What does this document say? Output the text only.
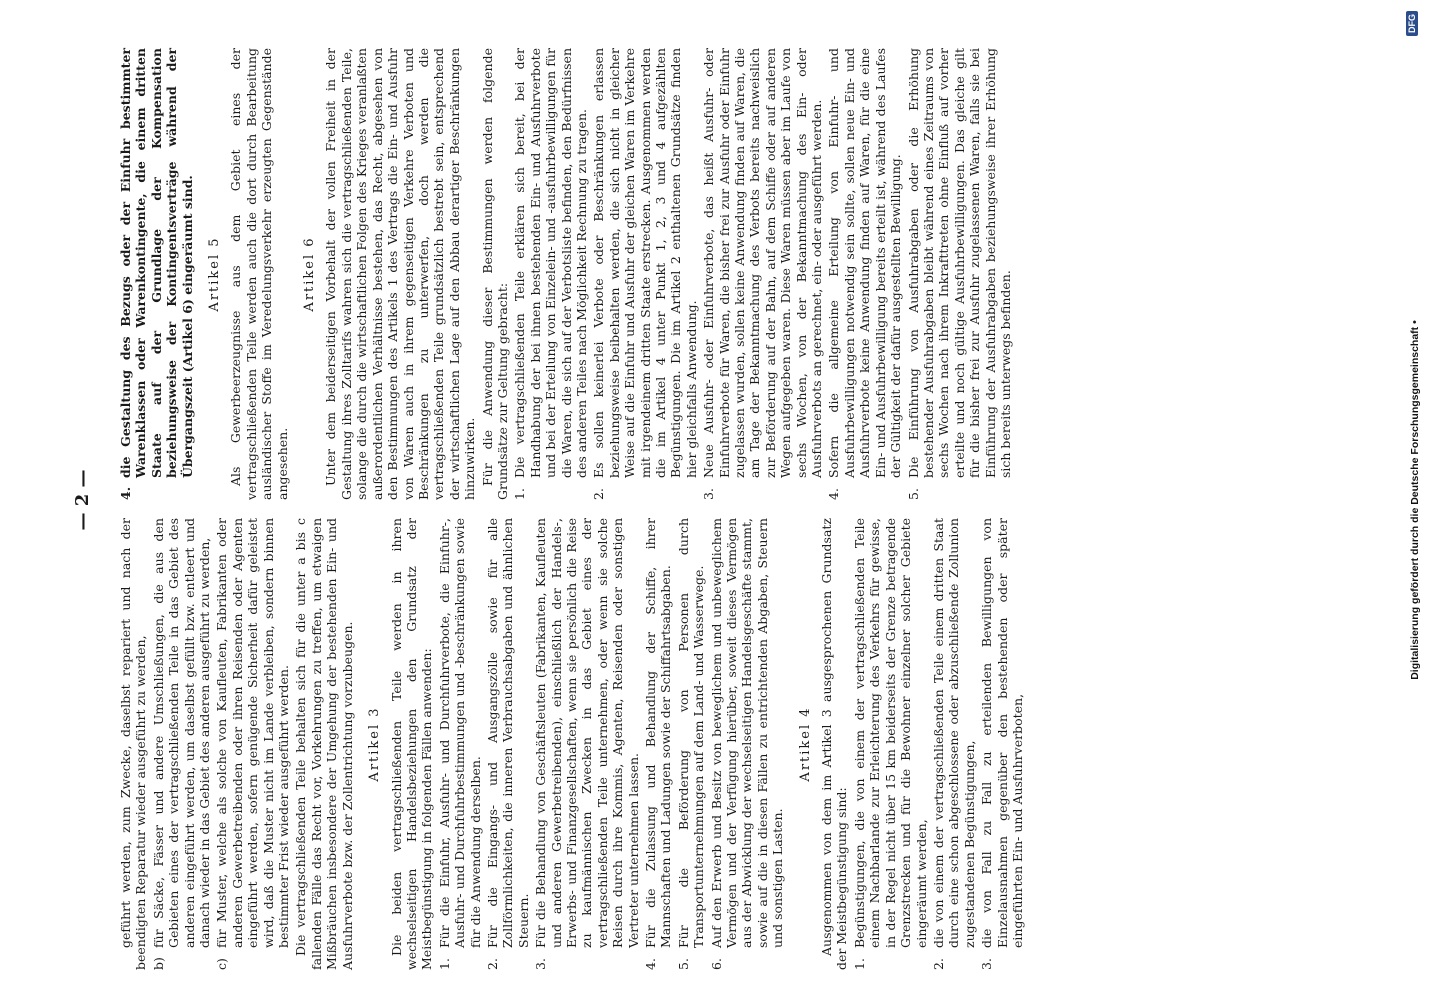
— 2 —

geführt werden, zum Zwecke, daselbst repariert und nach der beendigten Reparatur wieder ausgeführt zu werden, b)
für Säcke, Fässer und andere Umschließungen, die aus den Gebieten eines der vertragschließenden Teile in das Gebiet des anderen eingeführt werden, um daselbst gefüllt bzw. entleert und danach wieder in das Gebiet des anderen ausgeführt zu werden,
c)
für Muster, welche als solche von Kaufleuten, Fabrikanten oder anderen Gewerbetreibenden oder ihren Reisenden oder Agenten eingeführt werden, sofern genügende Sicherheit dafür geleistet wird, daß die Muster nicht im Lande verbleiben, sondern binnen bestimmter Frist wieder ausgeführt werden. Die vertragschließenden Teile behalten sich für die unter a bis c fallenden Fälle das Recht vor, Vorkehrungen zu treffen, um etwaigen Mißbräuchen insbesondere der Umgehung der bestehenden Ein- und Ausfuhrverbote bzw. der Zollentrichtung vorzubeugen. Artikel 3 Die beiden vertragschließenden Teile werden in ihren wechselseitigen Handelsbeziehungen den Grundsatz der Meistbegünstigung in folgenden Fällen anwenden: 1.
Für die Einfuhr, Ausfuhr- und Durchfuhrverbote, die Einfuhr-, Ausfuhr- und Durchfuhrbestimmungen und -beschränkungen sowie für die Anwendung derselben.
2.
Für die Eingangs- und Ausgangszölle sowie für alle Zollförmlichkeiten, die inneren Verbrauchsabgaben und ähnlichen Steuern.
3.
Für die Behandlung von Geschäftsleuten (Fabrikanten, Kaufleuten und anderen Gewerbetreibenden), einschließlich der Handels-, Erwerbs- und Finanzgesellschaften, wenn sie persönlich die Reise zu kaufmännischen Zwecken in das Gebiet eines der vertragschließenden Teile unternehmen, oder wenn sie solche Reisen durch ihre Kommis, Agenten, Reisenden oder sonstigen Vertreter unternehmen lassen.
4.
Für die Zulassung und Behandlung der Schiffe, ihrer Mannschaften und Ladungen sowie der Schiffahrtsabgaben.
5.
Für die Beförderung von Personen durch Transportunternehmungen auf dem Land- und Wasserwege.
6.
Auf den Erwerb und Besitz von beweglichem und unbeweglichem Vermögen und der Verfügung hierüber, soweit dieses Vermögen aus der Abwicklung der wechselseitigen Handelsgeschäfte stammt, sowie auf die in diesen Fällen zu entrichtenden Abgaben, Steuern und sonstigen Lasten.
Artikel 4 Ausgenommen von dem im Artikel 3 ausgesprochenen Grundsatz der Meistbegünstigung sind: 1.
Begünstigungen, die von einem der vertragschließenden Teile einem Nachbarlande zur Erleichterung des Verkehrs für gewisse, in der Regel nicht über 15 km beiderseits der Grenze betragende Grenzstrecken und für die Bewohner einzelner solcher Gebiete eingeräumt werden,
2.
die von einem der vertragschließenden Teile einem dritten Staat durch eine schon abgeschlossene oder abzuschließende Zollunion zugestandenen Begünstigungen,
3.
die von Fall zu Fall zu erteilenden Bewilligungen von Einzelausnahmen gegenüber den bestehenden oder später eingeführten Ein- und Ausfuhrverboten,
4.
die Gestaltung des Bezugs oder der Einfuhr bestimmter Warenklassen oder Warenkontingente, die einem dritten Staate auf der Grundlage der Kompensation beziehungsweise der Kontingentsverträge während der Übergangszeit (Artikel 6) eingeräumt sind. Artikel 5 Als Gewerbeerzeugnisse aus dem Gebiet eines der vertragschließenden Teile werden auch die dort durch Bearbeitung ausländischer Stoffe im Veredelungsverkehr erzeugten Gegenstände angesehen.

Artikel 6 Unter dem beiderseitigen Vorbehalt der vollen Freiheit in der Gestaltung ihres Zolltarifs wahren sich die vertragschließenden Teile, solange die durch die wirtschaftlichen Folgen des Krieges veranlaßten außerordentlichen Verhältnisse bestehen, das Recht, abgesehen von den Bestimmungen des Artikels 1 des Vertrags die Ein- und Ausfuhr von Waren auch in ihrem gegenseitigen Verkehre Verboten und Beschränkungen zu unterwerfen, doch werden die vertragschließenden Teile grundsätzlich bestrebt sein, entsprechend der wirtschaftlichen Lage auf den Abbau derartiger Beschränkungen hinzuwirken. Für die Anwendung dieser Bestimmungen werden folgende Grundsätze zur Geltung gebracht: 1.
Die vertragschließenden Teile erklären sich bereit, bei der Handhabung der bei ihnen bestehenden Ein- und Ausfuhrverbote und bei der Erteilung von Einzelein- und -ausfuhrbewilligungen für die Waren, die sich auf der Verbotsliste befinden, den Bedürfnissen des anderen Teiles nach Möglichkeit Rechnung zu tragen.
2.
Es sollen keinerlei Verbote oder Beschränkungen erlassen beziehungsweise beibehalten werden, die sich nicht in gleicher Weise auf die Einfuhr und Ausfuhr der gleichen Waren im Verkehre mit irgendeinem dritten Staate erstrecken. Ausgenommen werden die im Artikel 4 unter Punkt 1, 2, 3 und 4 aufgezählten Begünstigungen. Die im Artikel 2 enthaltenen Grundsätze finden hier gleichfalls Anwendung.
3.
Neue Ausfuhr- oder Einfuhrverbote, das heißt Ausfuhr- oder Einfuhrverbote für Waren, die bisher frei zur Ausfuhr oder Einfuhr zugelassen wurden, sollen keine Anwendung finden auf Waren, die am Tage der Bekanntmachung des Verbots bereits nachweislich zur Beförderung auf der Bahn, auf dem Schiffe oder auf anderen Wegen aufgegeben waren. Diese Waren müssen aber im Laufe von sechs Wochen, von der Bekanntmachung des Ein- oder Ausfuhrverbots an gerechnet, ein- oder ausgeführt werden.
4.
Sofern die allgemeine Erteilung von Einfuhr- und Ausfuhrbewilligungen notwendig sein sollte, sollen neue Ein- und Ausfuhrverbote keine Anwendung finden auf Waren, für die eine Ein- und Ausfuhrbewilligung bereits erteilt ist, während des Laufes der Gültigkeit der dafür ausgestellten Bewilligung.
5.
Die Einführung von Ausfuhrabgaben oder die Erhöhung bestehender Ausfuhrabgaben bleibt während eines Zeitraums von sechs Wochen nach ihrem Inkrafttreten ohne Einfluß auf vorher erteilte und noch gültige Ausfuhrbewilligungen. Das gleiche gilt für die bisher frei zur Ausfuhr zugelassenen Waren, falls sie bei Einführung der Ausfuhrabgaben beziehungsweise ihrer Erhöhung sich bereits unterwegs befinden.	Digitalisierung gefördert durch die Deutsche Forschungsgemeinschaft •
DFG
